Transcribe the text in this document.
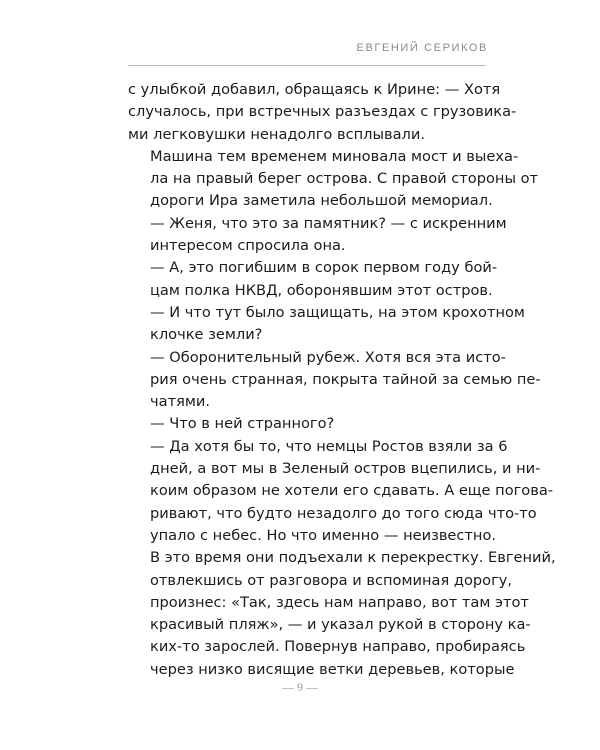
ЕВГЕНИЙ СЕРИКОВ

с улыбкой добавил, обращаясь к Ирине: — Хотя
случалось, при встречных разъездах с грузовика-
ми легковушки ненадолго всплывали.

Машина тем временем миновала мост и выеха-
ла на правый берег острова. С правой стороны от
дороги Ира заметила небольшой мемориал.

— Женя, что это за памятник? — с искренним
интересом спросила она.

— А, это погибшим в сорок первом году бой-
цам полка НКВД, оборонявшим этот остров.

— И что тут было защищать, на этом крохотном
клочке земли?

— Оборонительный рубеж. Хотя вся эта исто-
рия очень странная, покрыта тайной за семью пе-
чатями.

— Что в ней странного?

— Да хотя бы то, что немцы Ростов взяли за 6
дней, а вот мы в Зеленый остров вцепились, и ни-
коим образом не хотели его сдавать. А еще погова-
ривают, что будто незадолго до того сюда что-то
упало с небес. Но что именно — неизвестно.

В это время они подъехали к перекрестку. Евгений,
отвлекшись от разговора и вспоминая дорогу,
произнес: «Так, здесь нам направо, вот там этот
красивый пляж», — и указал рукой в сторону ка-
ких-то зарослей. Повернув направо, пробираясь
через низко висящие ветки деревьев, которые

— 9 —
